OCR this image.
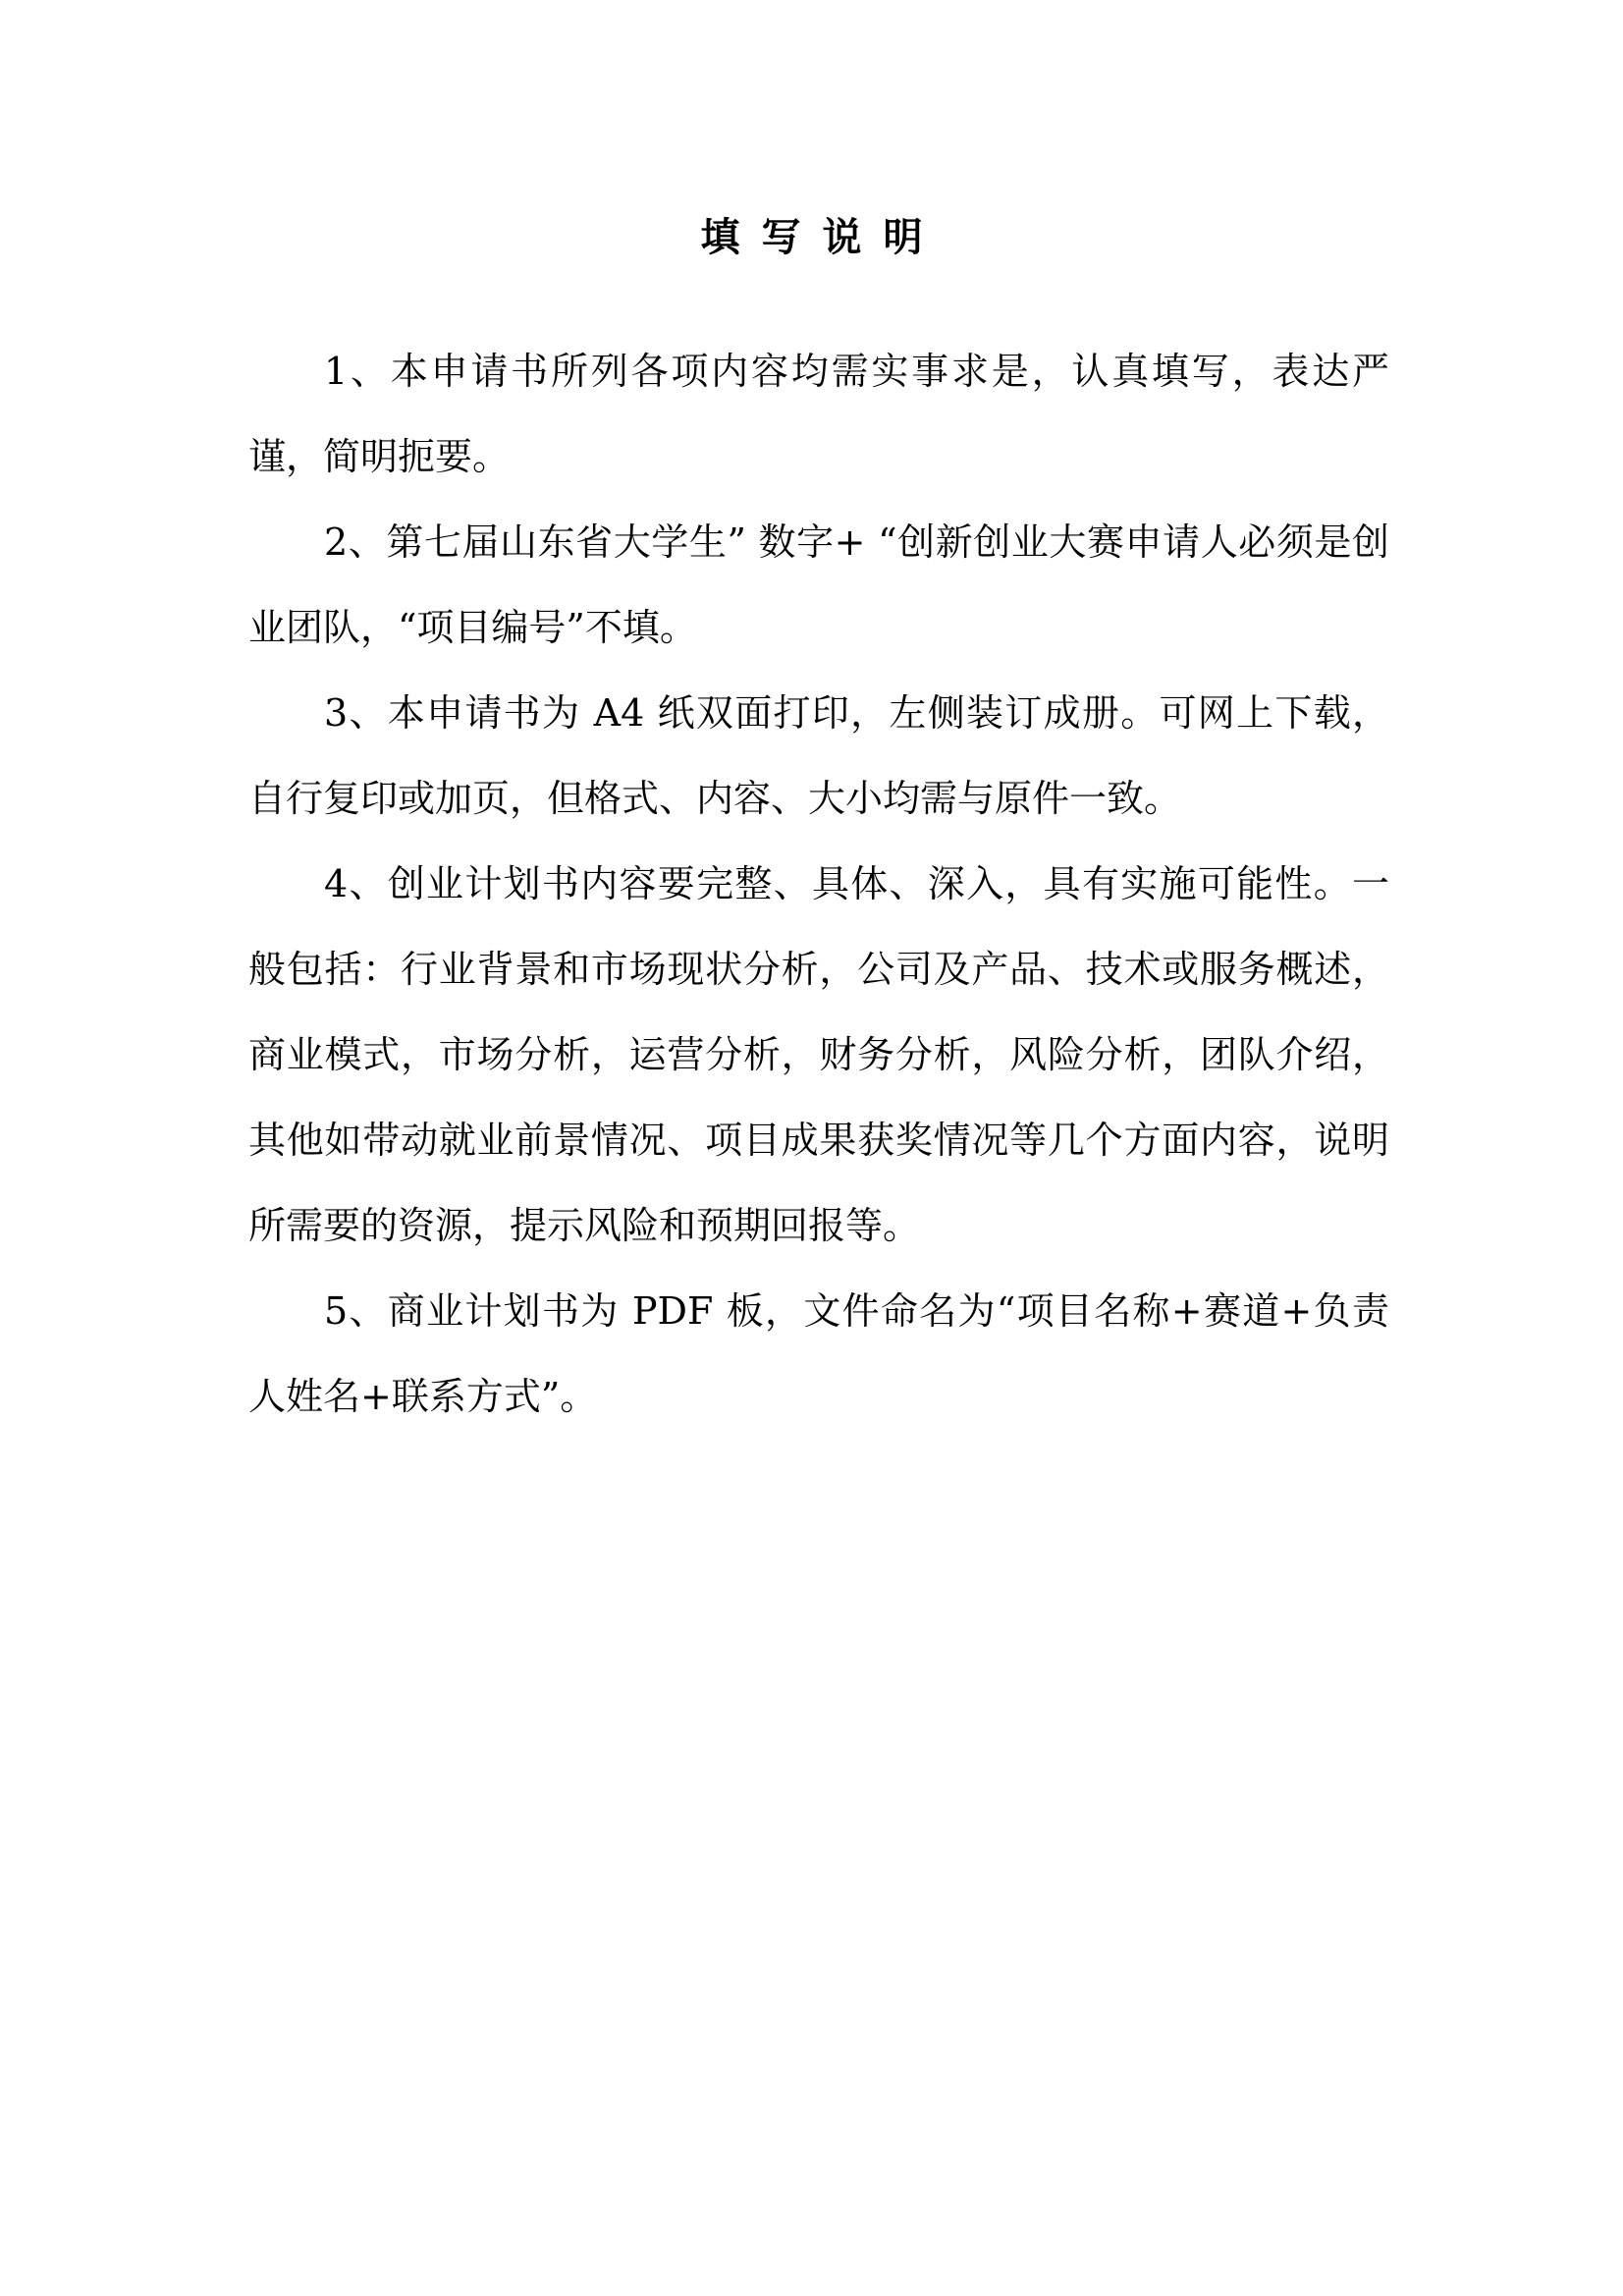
填写说明

1、本申请书所列各项内容均需实事求是，认真填写，表达严谨，简明扼要。

2、第七届山东省大学生” 数字+ “创新创业大赛申请人必须是创业团队，“项目编号”不填。

3、本申请书为 A4 纸双面打印，左侧装订成册。可网上下载，自行复印或加页，但格式、内容、大小均需与原件一致。

4、创业计划书内容要完整、具体、深入，具有实施可能性。一般包括：行业背景和市场现状分析，公司及产品、技术或服务概述，商业模式，市场分析，运营分析，财务分析，风险分析，团队介绍，其他如带动就业前景情况、项目成果获奖情况等几个方面内容，说明所需要的资源，提示风险和预期回报等。

5、商业计划书为 PDF 板，文件命名为“项目名称+赛道+负责人姓名+联系方式”。
